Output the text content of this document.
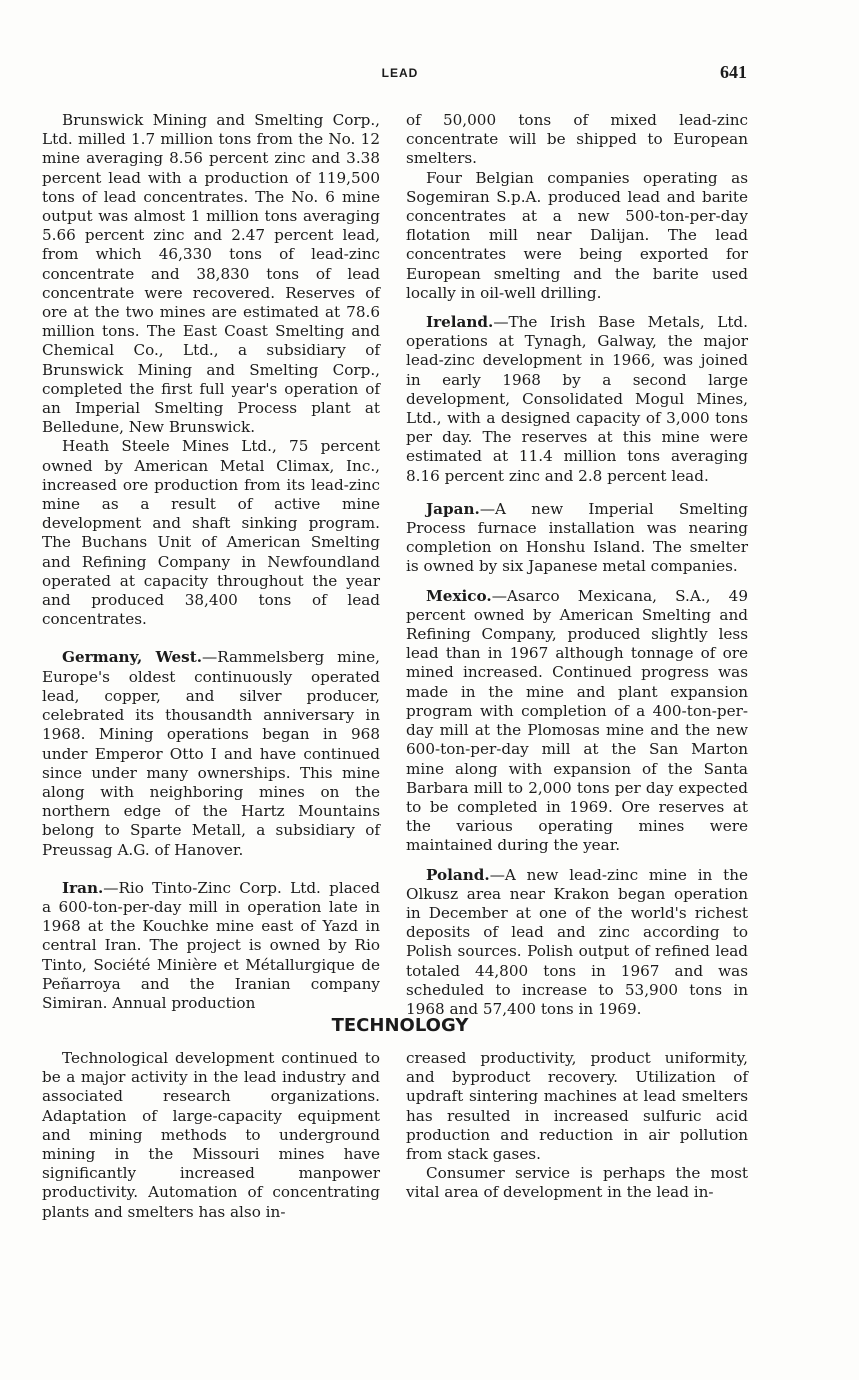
LEAD	641

Brunswick Mining and Smelting Corp., Ltd. milled 1.7 million tons from the No. 12 mine averaging 8.56 percent zinc and 3.38 percent lead with a production of 119,500 tons of lead concentrates. The No. 6 mine output was almost 1 million tons averaging 5.66 percent zinc and 2.47 percent lead, from which 46,330 tons of lead-zinc concentrate and 38,830 tons of lead concentrate were recovered. Reserves of ore at the two mines are estimated at 78.6 million tons. The East Coast Smelting and Chemical Co., Ltd., a subsidiary of Brunswick Mining and Smelting Corp., completed the first full year's operation of an Imperial Smelting Process plant at Belledune, New Brunswick.

Heath Steele Mines Ltd., 75 percent owned by American Metal Climax, Inc., increased ore production from its lead-zinc mine as a result of active mine development and shaft sinking program. The Buchans Unit of American Smelting and Refining Company in Newfoundland operated at capacity throughout the year and produced 38,400 tons of lead concentrates.

Germany, West.—Rammelsberg mine, Europe's oldest continuously operated lead, copper, and silver producer, celebrated its thousandth anniversary in 1968. Mining operations began in 968 under Emperor Otto I and have continued since under many ownerships. This mine along with neighboring mines on the northern edge of the Hartz Mountains belong to Sparte Metall, a subsidiary of Preussag A.G. of Hanover.

Iran.—Rio Tinto-Zinc Corp. Ltd. placed a 600-ton-per-day mill in operation late in 1968 at the Kouchke mine east of Yazd in central Iran. The project is owned by Rio Tinto, Société Minière et Métallurgique de Peñarroya and the Iranian company Simiran. Annual production

of 50,000 tons of mixed lead-zinc concentrate will be shipped to European smelters.

Four Belgian companies operating as Sogemiran S.p.A. produced lead and barite concentrates at a new 500-ton-per-day flotation mill near Dalijan. The lead concentrates were being exported for European smelting and the barite used locally in oil-well drilling.

Ireland.—The Irish Base Metals, Ltd. operations at Tynagh, Galway, the major lead-zinc development in 1966, was joined in early 1968 by a second large development, Consolidated Mogul Mines, Ltd., with a designed capacity of 3,000 tons per day. The reserves at this mine were estimated at 11.4 million tons averaging 8.16 percent zinc and 2.8 percent lead.

Japan.—A new Imperial Smelting Process furnace installation was nearing completion on Honshu Island. The smelter is owned by six Japanese metal companies.

Mexico.—Asarco Mexicana, S.A., 49 percent owned by American Smelting and Refining Company, produced slightly less lead than in 1967 although tonnage of ore mined increased. Continued progress was made in the mine and plant expansion program with completion of a 400-ton-per-day mill at the Plomosas mine and the new 600-ton-per-day mill at the San Marton mine along with expansion of the Santa Barbara mill to 2,000 tons per day expected to be completed in 1969. Ore reserves at the various operating mines were maintained during the year.

Poland.—A new lead-zinc mine in the Olkusz area near Krakon began operation in December at one of the world's richest deposits of lead and zinc according to Polish sources. Polish output of refined lead totaled 44,800 tons in 1967 and was scheduled to increase to 53,900 tons in 1968 and 57,400 tons in 1969.

TECHNOLOGY

Technological development continued to be a major activity in the lead industry and associated research organizations. Adaptation of large-capacity equipment and mining methods to underground mining in the Missouri mines have significantly increased manpower productivity. Automation of concentrating plants and smelters has also in-

creased productivity, product uniformity, and byproduct recovery. Utilization of updraft sintering machines at lead smelters has resulted in increased sulfuric acid production and reduction in air pollution from stack gases.

Consumer service is perhaps the most vital area of development in the lead in-
